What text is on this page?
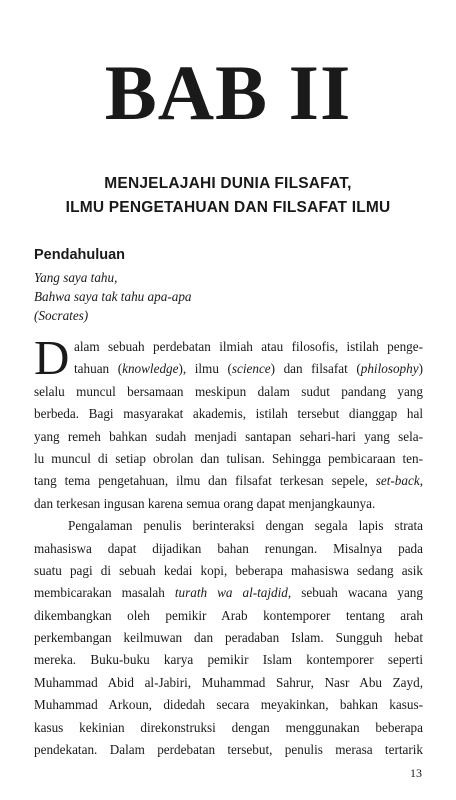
BAB II
MENJELAJAHI DUNIA FILSAFAT,
ILMU PENGETAHUAN DAN FILSAFAT ILMU
Pendahuluan
Yang saya tahu,
Bahwa saya tak tahu apa-apa
(Socrates)
D alam sebuah perdebatan ilmiah atau filosofis, istilah penge-
tahuan (knowledge), ilmu (science) dan filsafat (philosophy)
selalu muncul bersamaan meskipun dalam sudut pandang yang
berbeda. Bagi masyarakat akademis, istilah tersebut dianggap hal
yang remeh bahkan sudah menjadi santapan sehari-hari yang sela-
lu muncul di setiap obrolan dan tulisan. Sehingga pembicaraan ten-
tang tema pengetahuan, ilmu dan filsafat terkesan sepele, set-back,
dan terkesan ingusan karena semua orang dapat menjangkaunya.
Pengalaman penulis berinteraksi dengan segala lapis strata
mahasiswa dapat dijadikan bahan renungan. Misalnya pada
suatu pagi di sebuah kedai kopi, beberapa mahasiswa sedang asik
membicarakan masalah turath wa al-tajdid, sebuah wacana yang
dikembangkan oleh pemikir Arab kontemporer tentang arah
perkembangan keilmuwan dan peradaban Islam. Sungguh hebat
mereka. Buku-buku karya pemikir Islam kontemporer seperti
Muhammad Abid al-Jabiri, Muhammad Sahrur, Nasr Abu Zayd,
Muhammad Arkoun, didedah secara meyakinkan, bahkan kasus-
kasus kekinian direkonstruksi dengan menggunakan beberapa
pendekatan. Dalam perdebatan tersebut, penulis merasa tertarik
13
